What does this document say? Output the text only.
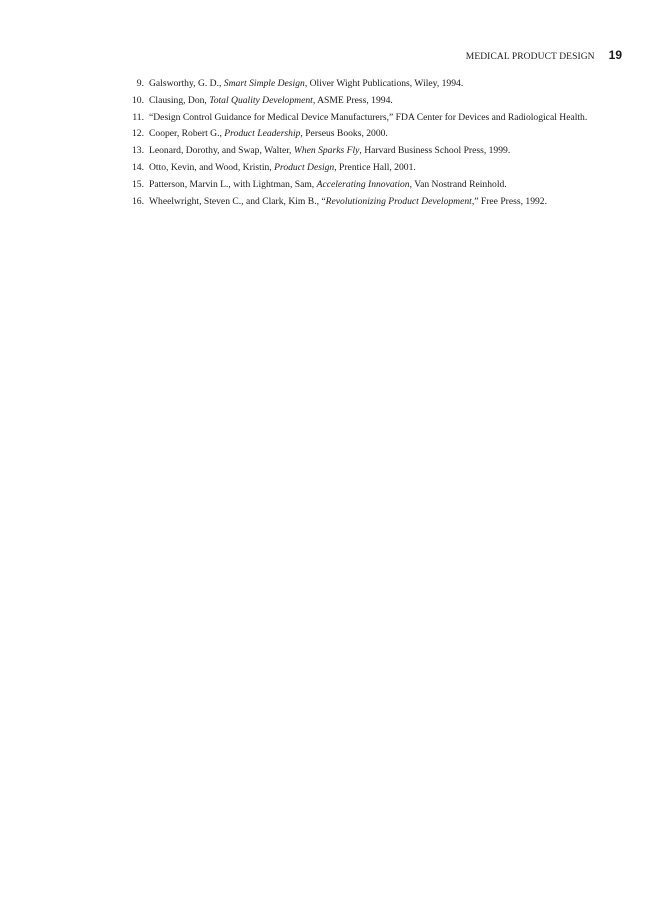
MEDICAL PRODUCT DESIGN 19
9. Galsworthy, G. D., Smart Simple Design, Oliver Wight Publications, Wiley, 1994.
10. Clausing, Don, Total Quality Development, ASME Press, 1994.
11. “Design Control Guidance for Medical Device Manufacturers,” FDA Center for Devices and Radiological Health.
12. Cooper, Robert G., Product Leadership, Perseus Books, 2000.
13. Leonard, Dorothy, and Swap, Walter, When Sparks Fly, Harvard Business School Press, 1999.
14. Otto, Kevin, and Wood, Kristin, Product Design, Prentice Hall, 2001.
15. Patterson, Marvin L., with Lightman, Sam, Accelerating Innovation, Van Nostrand Reinhold.
16. Wheelwright, Steven C., and Clark, Kim B., “Revolutionizing Product Development,” Free Press, 1992.
